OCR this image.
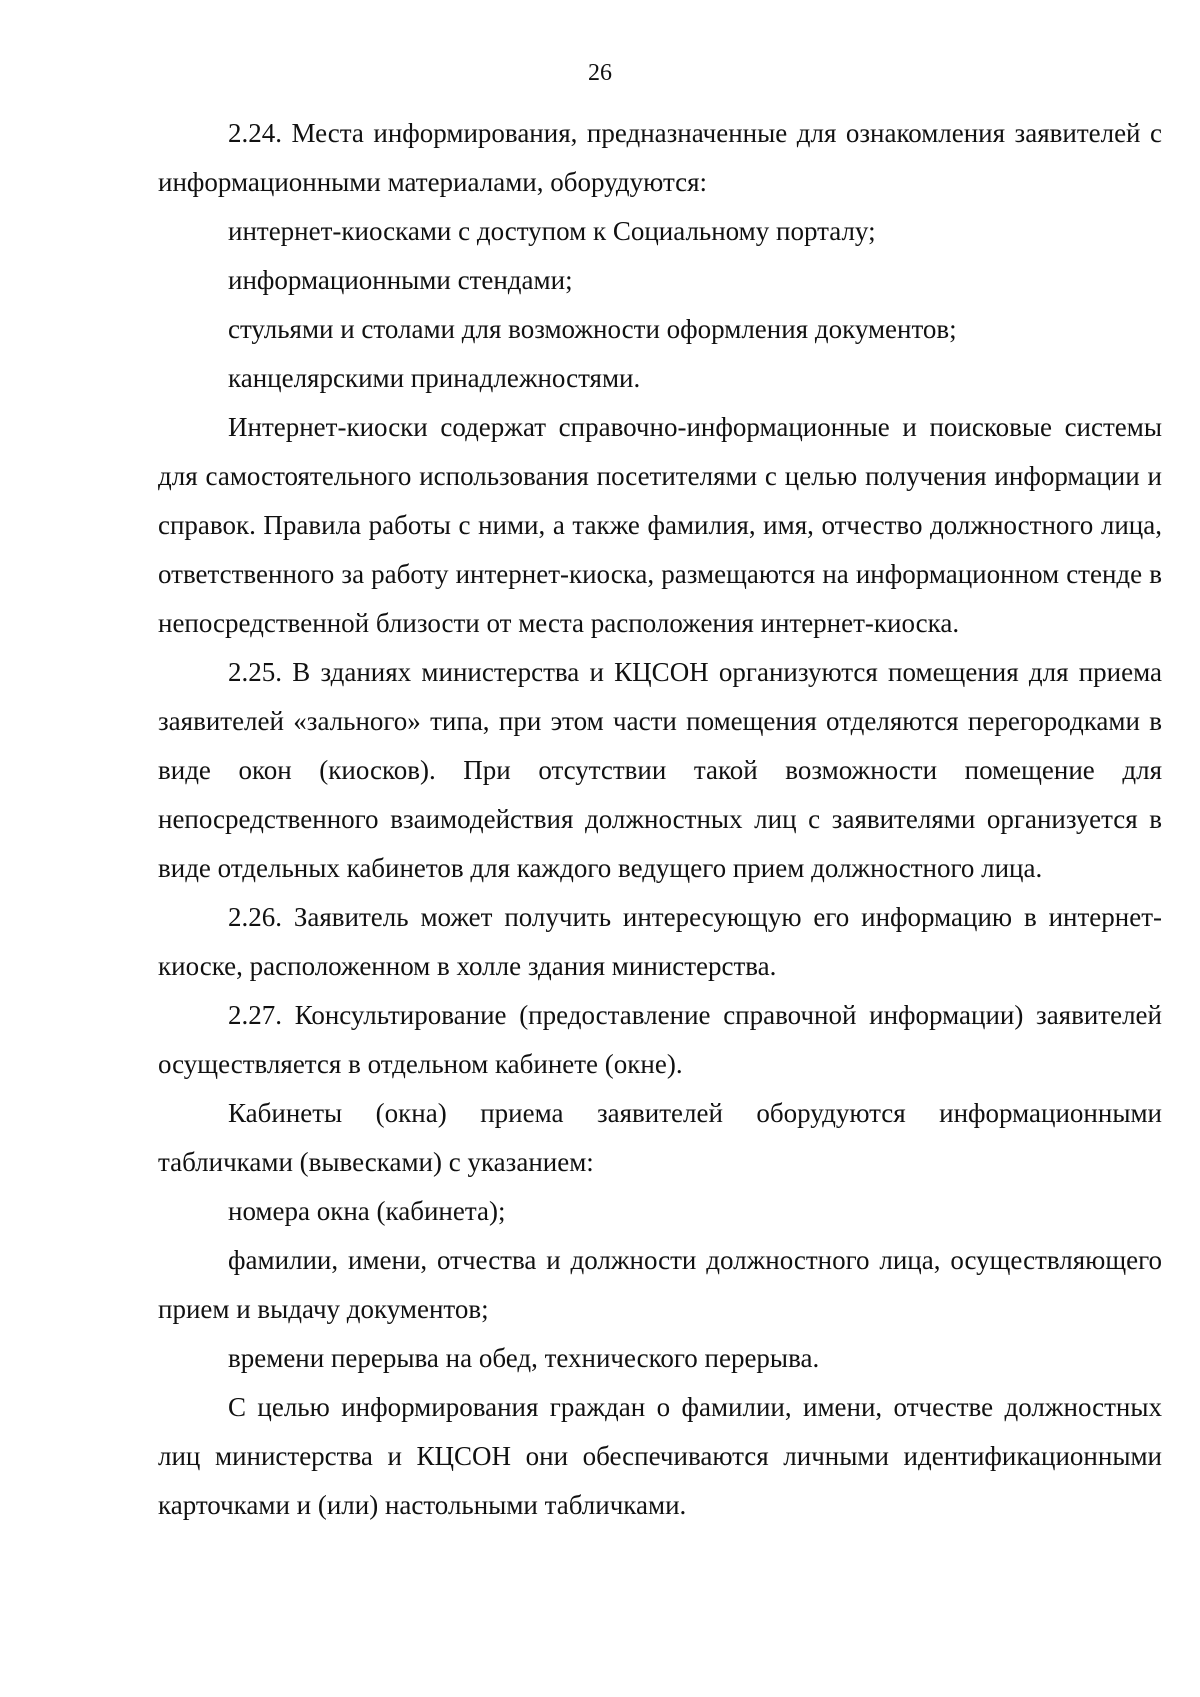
26

2.24. Места информирования, предназначенные для ознакомления заявителей с информационными материалами, оборудуются:

интернет-киосками с доступом к Социальному порталу;

информационными стендами;

стульями и столами для возможности оформления документов;

канцелярскими принадлежностями.

Интернет-киоски содержат справочно-информационные и поисковые системы для самостоятельного использования посетителями с целью получения информации и справок. Правила работы с ними, а также фамилия, имя, отчество должностного лица, ответственного за работу интернет-киоска, размещаются на информационном стенде в непосредственной близости от места расположения интернет-киоска.

2.25. В зданиях министерства и КЦСОН организуются помещения для приема заявителей «зального» типа, при этом части помещения отделяются перегородками в виде окон (киосков). При отсутствии такой возможности помещение для непосредственного взаимодействия должностных лиц с заявителями организуется в виде отдельных кабинетов для каждого ведущего прием должностного лица.

2.26. Заявитель может получить интересующую его информацию в интернет-киоске, расположенном в холле здания министерства.

2.27. Консультирование (предоставление справочной информации) заявителей осуществляется в отдельном кабинете (окне).

Кабинеты (окна) приема заявителей оборудуются информационными табличками (вывесками) с указанием:

номера окна (кабинета);

фамилии, имени, отчества и должности должностного лица, осуществляющего прием и выдачу документов;

времени перерыва на обед, технического перерыва.

С целью информирования граждан о фамилии, имени, отчестве должностных лиц министерства и КЦСОН они обеспечиваются личными идентификационными карточками и (или) настольными табличками.
